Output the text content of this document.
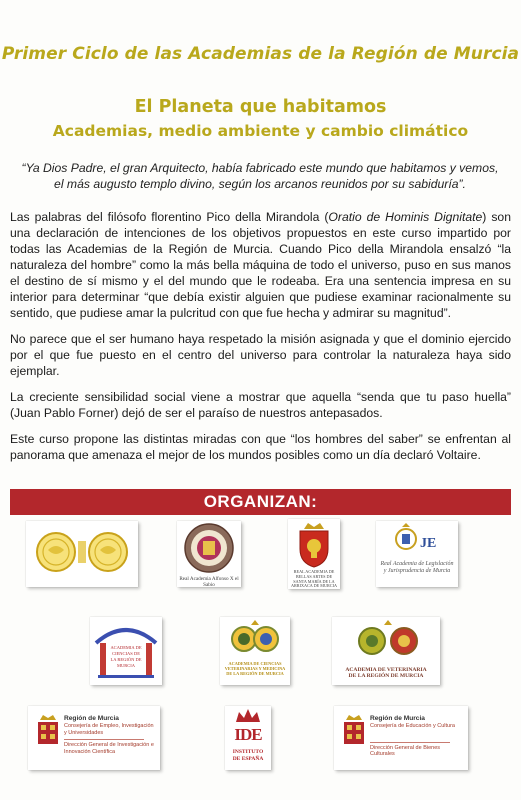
Primer Ciclo de las Academias de la Región de Murcia
El Planeta que habitamos
Academias, medio ambiente y cambio climático
“Ya Dios Padre, el gran Arquitecto, había fabricado este mundo que habitamos y vemos,
el más augusto templo divino, según los arcanos reunidos por su sabiduría”.

Las palabras del filósofo florentino Pico della Mirandola (Oratio de Hominis Dignitate) son una declaración de intenciones de los objetivos propuestos en este curso impartido por todas las Academias de la Región de Murcia. Cuando Pico della Mirandola ensalzó “la naturaleza del hombre” como la más bella máquina de todo el universo, puso en sus manos el destino de sí mismo y el del mundo que le rodeaba. Era una sentencia impresa en su interior para determinar “que debía existir alguien que pudiese examinar racionalmente su sentido, que pudiese amar la pulcritud con que fue hecha y admirar su magnitud”.

No parece que el ser humano haya respetado la misión asignada y que el dominio ejercido por el que fue puesto en el centro del universo para controlar la naturaleza haya sido ejemplar.

La creciente sensibilidad social viene a mostrar que aquella “senda que tu paso huella” (Juan Pablo Forner) dejó de ser el paraíso de nuestros antepasados.

Este curso propone las distintas miradas con que “los hombres del saber” se enfrentan al panorama que amenaza el mejor de los mundos posibles como un día declaró Voltaire.

ORGANIZAN:
Real Academia Alfonso X el Sabio
REAL ACADEMIA DE BELLAS ARTES DE SANTA MARÍA DE LA ARRIXACA DE MURCIA
JE
Real Academia de Legislación
y Jurisprudencia de Murcia
ACADEMIA DE CIENCIAS DE LA REGIÓN DE MURCIA	ACADEMIA DE CIENCIAS VETERINARIAS Y MEDICINA DE LA REGIÓN DE MURCIA
ACADEMIA DE VETERINARIA DE LA REGIÓN DE MURCIA
Región de Murcia
Consejería de Empleo, Investigación y Universidades
Dirección General de Investigación e Innovación Científica
IDE
INSTITUTO
DE ESPAÑA
Región de Murcia
Consejería de Educación y Cultura
Dirección General de Bienes Culturales
